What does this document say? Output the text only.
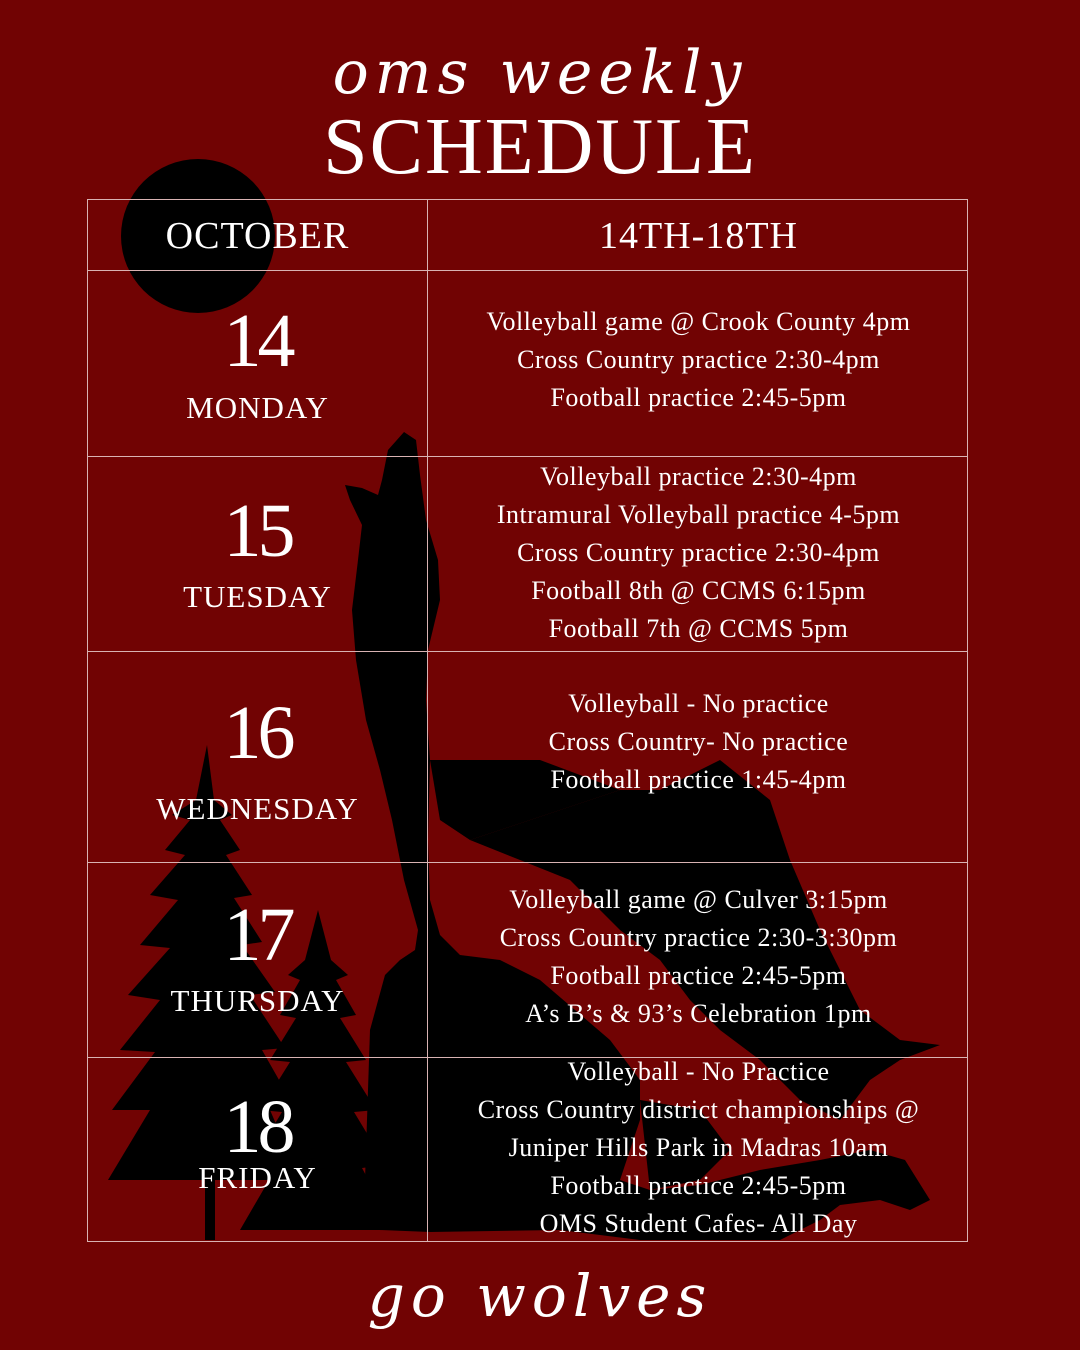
oms weekly
SCHEDULE
OCTOBER	14TH-18TH
14
MONDAY
Volleyball game @ Crook County 4pm
Cross Country practice 2:30-4pm
Football practice 2:45-5pm
15
TUESDAY
Volleyball practice 2:30-4pm
Intramural Volleyball practice 4-5pm
Cross Country practice 2:30-4pm
Football 8th @ CCMS 6:15pm
Football 7th @ CCMS 5pm
16
WEDNESDAY
Volleyball - No practice
Cross Country- No practice
Football practice 1:45-4pm
17
THURSDAY
Volleyball game @ Culver 3:15pm
Cross Country practice 2:30-3:30pm
Football practice 2:45-5pm
A’s B’s & 93’s Celebration 1pm
18
FRIDAY
Volleyball - No Practice
Cross Country district championships @
Juniper Hills Park in Madras 10am
Football practice 2:45-5pm
OMS Student Cafes- All Day
go wolves
